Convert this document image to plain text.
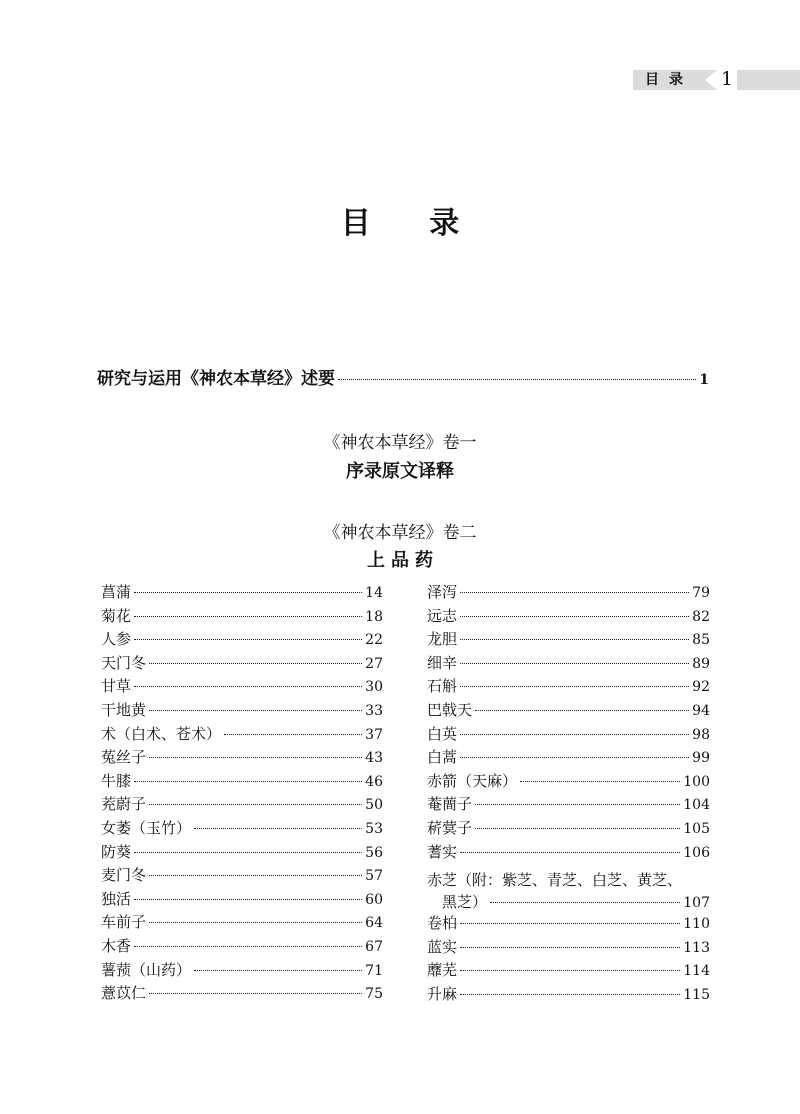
目录	1
目 录
研究与运用《神农本草经》述要	1
《神农本草经》卷一
序录原文译释
《神农本草经》卷二
上品药
菖蒲	14
菊花	18
人参	22
天门冬	27
甘草	30
干地黄	33
术（白术、苍术）	37
菟丝子	43
牛膝	46
茺蔚子	50
女萎（玉竹）	53
防葵	56
麦门冬	57
独活	60
车前子	64
木香	67
薯蓣（山药）	71
薏苡仁	75
泽泻	79
远志	82
龙胆	85
细辛	89
石斛	92
巴戟天	94
白英	98
白蒿	99
赤箭（天麻）	100
菴蕳子	104
菥蓂子	105
蓍实	106
赤芝（附：紫芝、青芝、白芝、黄芝、
黑芝）	107
卷柏	110
蓝实	113
蘼芜	114
升麻	115
